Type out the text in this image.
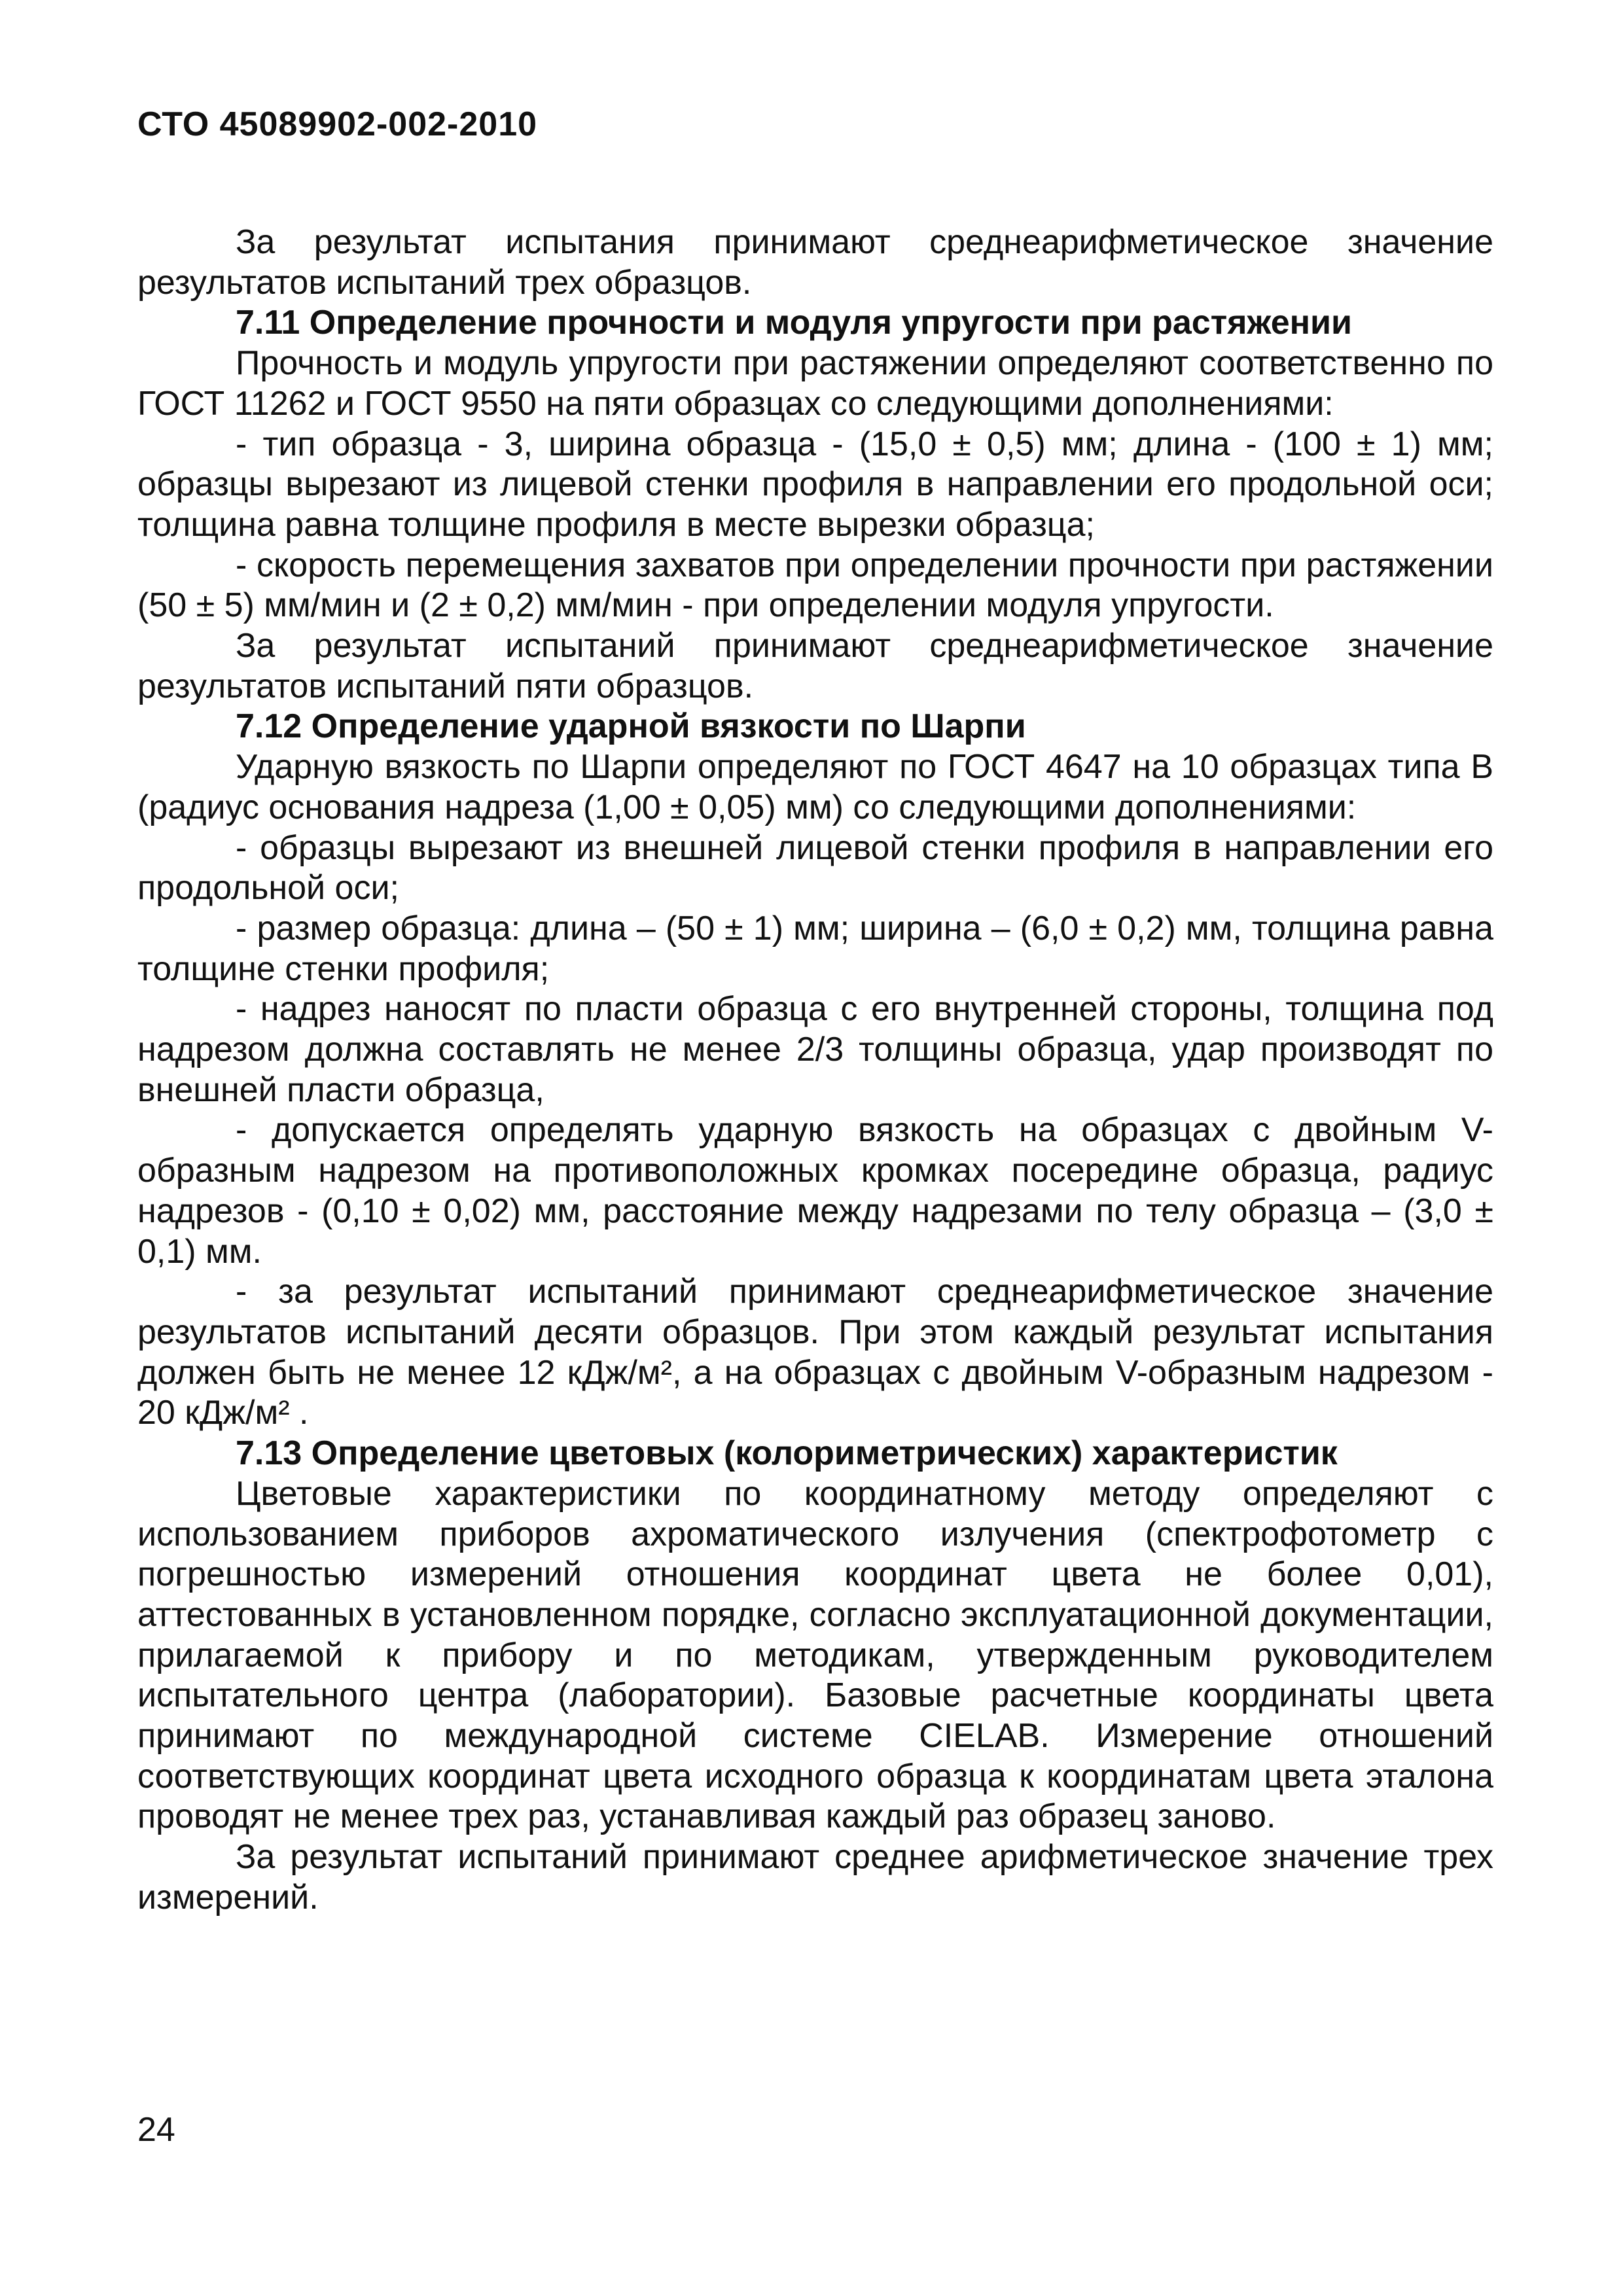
СТО 45089902-002-2010

За результат испытания принимают среднеарифметическое значение результатов испытаний трех образцов.

7.11 Определение прочности и модуля упругости при растяжении

Прочность и модуль упругости при растяжении определяют соответственно по ГОСТ 11262 и ГОСТ 9550 на пяти образцах со следующими дополнениями:

- тип образца - 3, ширина образца - (15,0 ± 0,5) мм; длина - (100 ± 1) мм; образцы вырезают из лицевой стенки профиля в направлении его продольной оси; толщина равна толщине профиля в месте вырезки образца;

- скорость перемещения захватов при определении прочности при растяжении (50 ± 5) мм/мин и (2 ± 0,2) мм/мин - при определении модуля упругости.

За результат испытаний принимают среднеарифметическое значение результатов испытаний пяти образцов.

7.12 Определение ударной вязкости по Шарпи

Ударную вязкость по Шарпи определяют по ГОСТ 4647 на 10 образцах типа В (радиус основания надреза (1,00 ± 0,05) мм) со следующими дополнениями:

- образцы вырезают из внешней лицевой стенки профиля в направлении его продольной оси;

- размер образца: длина – (50 ± 1) мм; ширина – (6,0 ± 0,2) мм, толщина равна толщине стенки профиля;

- надрез наносят по пласти образца с его внутренней стороны, толщина под надрезом должна составлять не менее 2/3 толщины образца, удар производят по внешней пласти образца,

- допускается определять ударную вязкость на образцах с двойным V-образным надрезом на противоположных кромках посередине образца, радиус надрезов - (0,10 ± 0,02) мм, расстояние между надрезами по телу образца – (3,0 ± 0,1) мм.

- за результат испытаний принимают среднеарифметическое значение результатов испытаний десяти образцов. При этом каждый результат испытания должен быть не менее 12 кДж/м², а на образцах с двойным V-образным надрезом - 20 кДж/м² .

7.13 Определение цветовых (колориметрических) характеристик

Цветовые характеристики по координатному методу определяют с использованием приборов ахроматического излучения (спектрофотометр с погрешностью измерений отношения координат цвета не более 0,01), аттестованных в установленном порядке, согласно эксплуатационной документации, прилагаемой к прибору и по методикам, утвержденным руководителем испытательного центра (лаборатории). Базовые расчетные координаты цвета принимают по международной системе CIELAB. Измерение отношений соответствующих координат цвета исходного образца к координатам цвета эталона проводят не менее трех раз, устанавливая каждый раз образец заново.

За результат испытаний принимают среднее арифметическое значение трех измерений.

24
